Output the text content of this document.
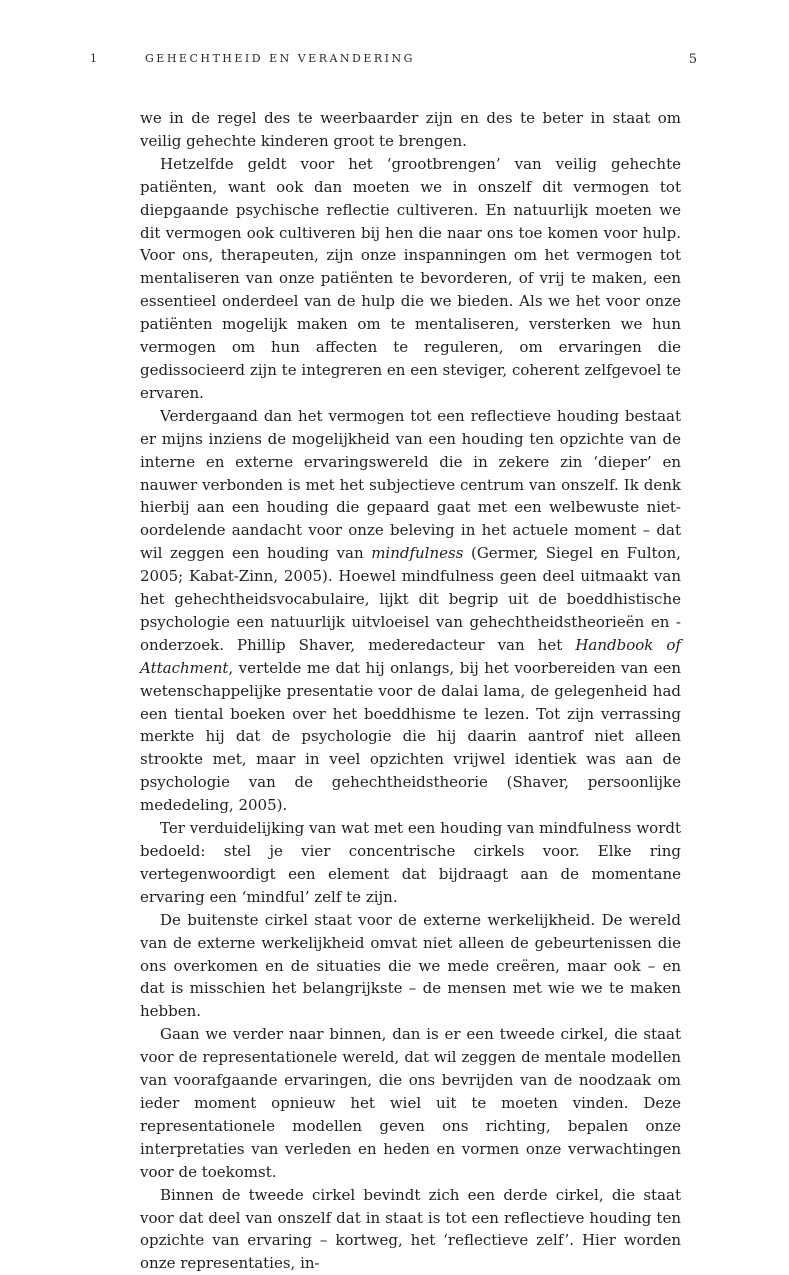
1	GEHECHTHEID EN VERANDERING	5

we in de regel des te weerbaarder zijn en des te beter in staat om veilig gehechte kinderen groot te brengen.

Hetzelfde geldt voor het ‘grootbrengen’ van veilig gehechte patiënten, want ook dan moeten we in onszelf dit vermogen tot diepgaande psychische reflectie cultiveren. En natuurlijk moeten we dit vermogen ook cultiveren bij hen die naar ons toe komen voor hulp. Voor ons, therapeuten, zijn onze inspanningen om het vermogen tot mentaliseren van onze patiënten te bevorderen, of vrij te maken, een essentieel onderdeel van de hulp die we bieden. Als we het voor onze patiënten mogelijk maken om te mentaliseren, versterken we hun vermogen om hun affecten te reguleren, om ervaringen die gedissocieerd zijn te integreren en een steviger, coherent zelfgevoel te ervaren.

Verdergaand dan het vermogen tot een reflectieve houding bestaat er mijns inziens de mogelijkheid van een houding ten opzichte van de interne en externe ervaringswereld die in zekere zin ‘dieper’ en nauwer verbonden is met het subjectieve centrum van onszelf. Ik denk hierbij aan een houding die gepaard gaat met een welbewuste niet-oordelende aandacht voor onze beleving in het actuele moment – dat wil zeggen een houding van mindfulness (Germer, Siegel en Fulton, 2005; Kabat-Zinn, 2005). Hoewel mindfulness geen deel uitmaakt van het gehechtheidsvocabulaire, lijkt dit begrip uit de boeddhistische psychologie een natuurlijk uitvloeisel van gehechtheidstheorieën en -onderzoek. Phillip Shaver, mederedacteur van het Handbook of Attachment, vertelde me dat hij onlangs, bij het voorbereiden van een wetenschappelijke presentatie voor de dalai lama, de gelegenheid had een tiental boeken over het boeddhisme te lezen. Tot zijn verrassing merkte hij dat de psychologie die hij daarin aantrof niet alleen strookte met, maar in veel opzichten vrijwel identiek was aan de psychologie van de gehechtheidstheorie (Shaver, persoonlijke mededeling, 2005).

Ter verduidelijking van wat met een houding van mindfulness wordt bedoeld: stel je vier concentrische cirkels voor. Elke ring vertegenwoordigt een element dat bijdraagt aan de momentane ervaring een ‘mindful’ zelf te zijn.

De buitenste cirkel staat voor de externe werkelijkheid. De wereld van de externe werkelijkheid omvat niet alleen de gebeurtenissen die ons overkomen en de situaties die we mede creëren, maar ook – en dat is misschien het belangrijkste – de mensen met wie we te maken hebben.

Gaan we verder naar binnen, dan is er een tweede cirkel, die staat voor de representationele wereld, dat wil zeggen de mentale modellen van voorafgaande ervaringen, die ons bevrijden van de noodzaak om ieder moment opnieuw het wiel uit te moeten vinden. Deze representationele modellen geven ons richting, bepalen onze interpretaties van verleden en heden en vormen onze verwachtingen voor de toekomst.

Binnen de tweede cirkel bevindt zich een derde cirkel, die staat voor dat deel van onszelf dat in staat is tot een reflectieve houding ten opzichte van ervaring – kortweg, het ‘reflectieve zelf’. Hier worden onze representaties, in-
